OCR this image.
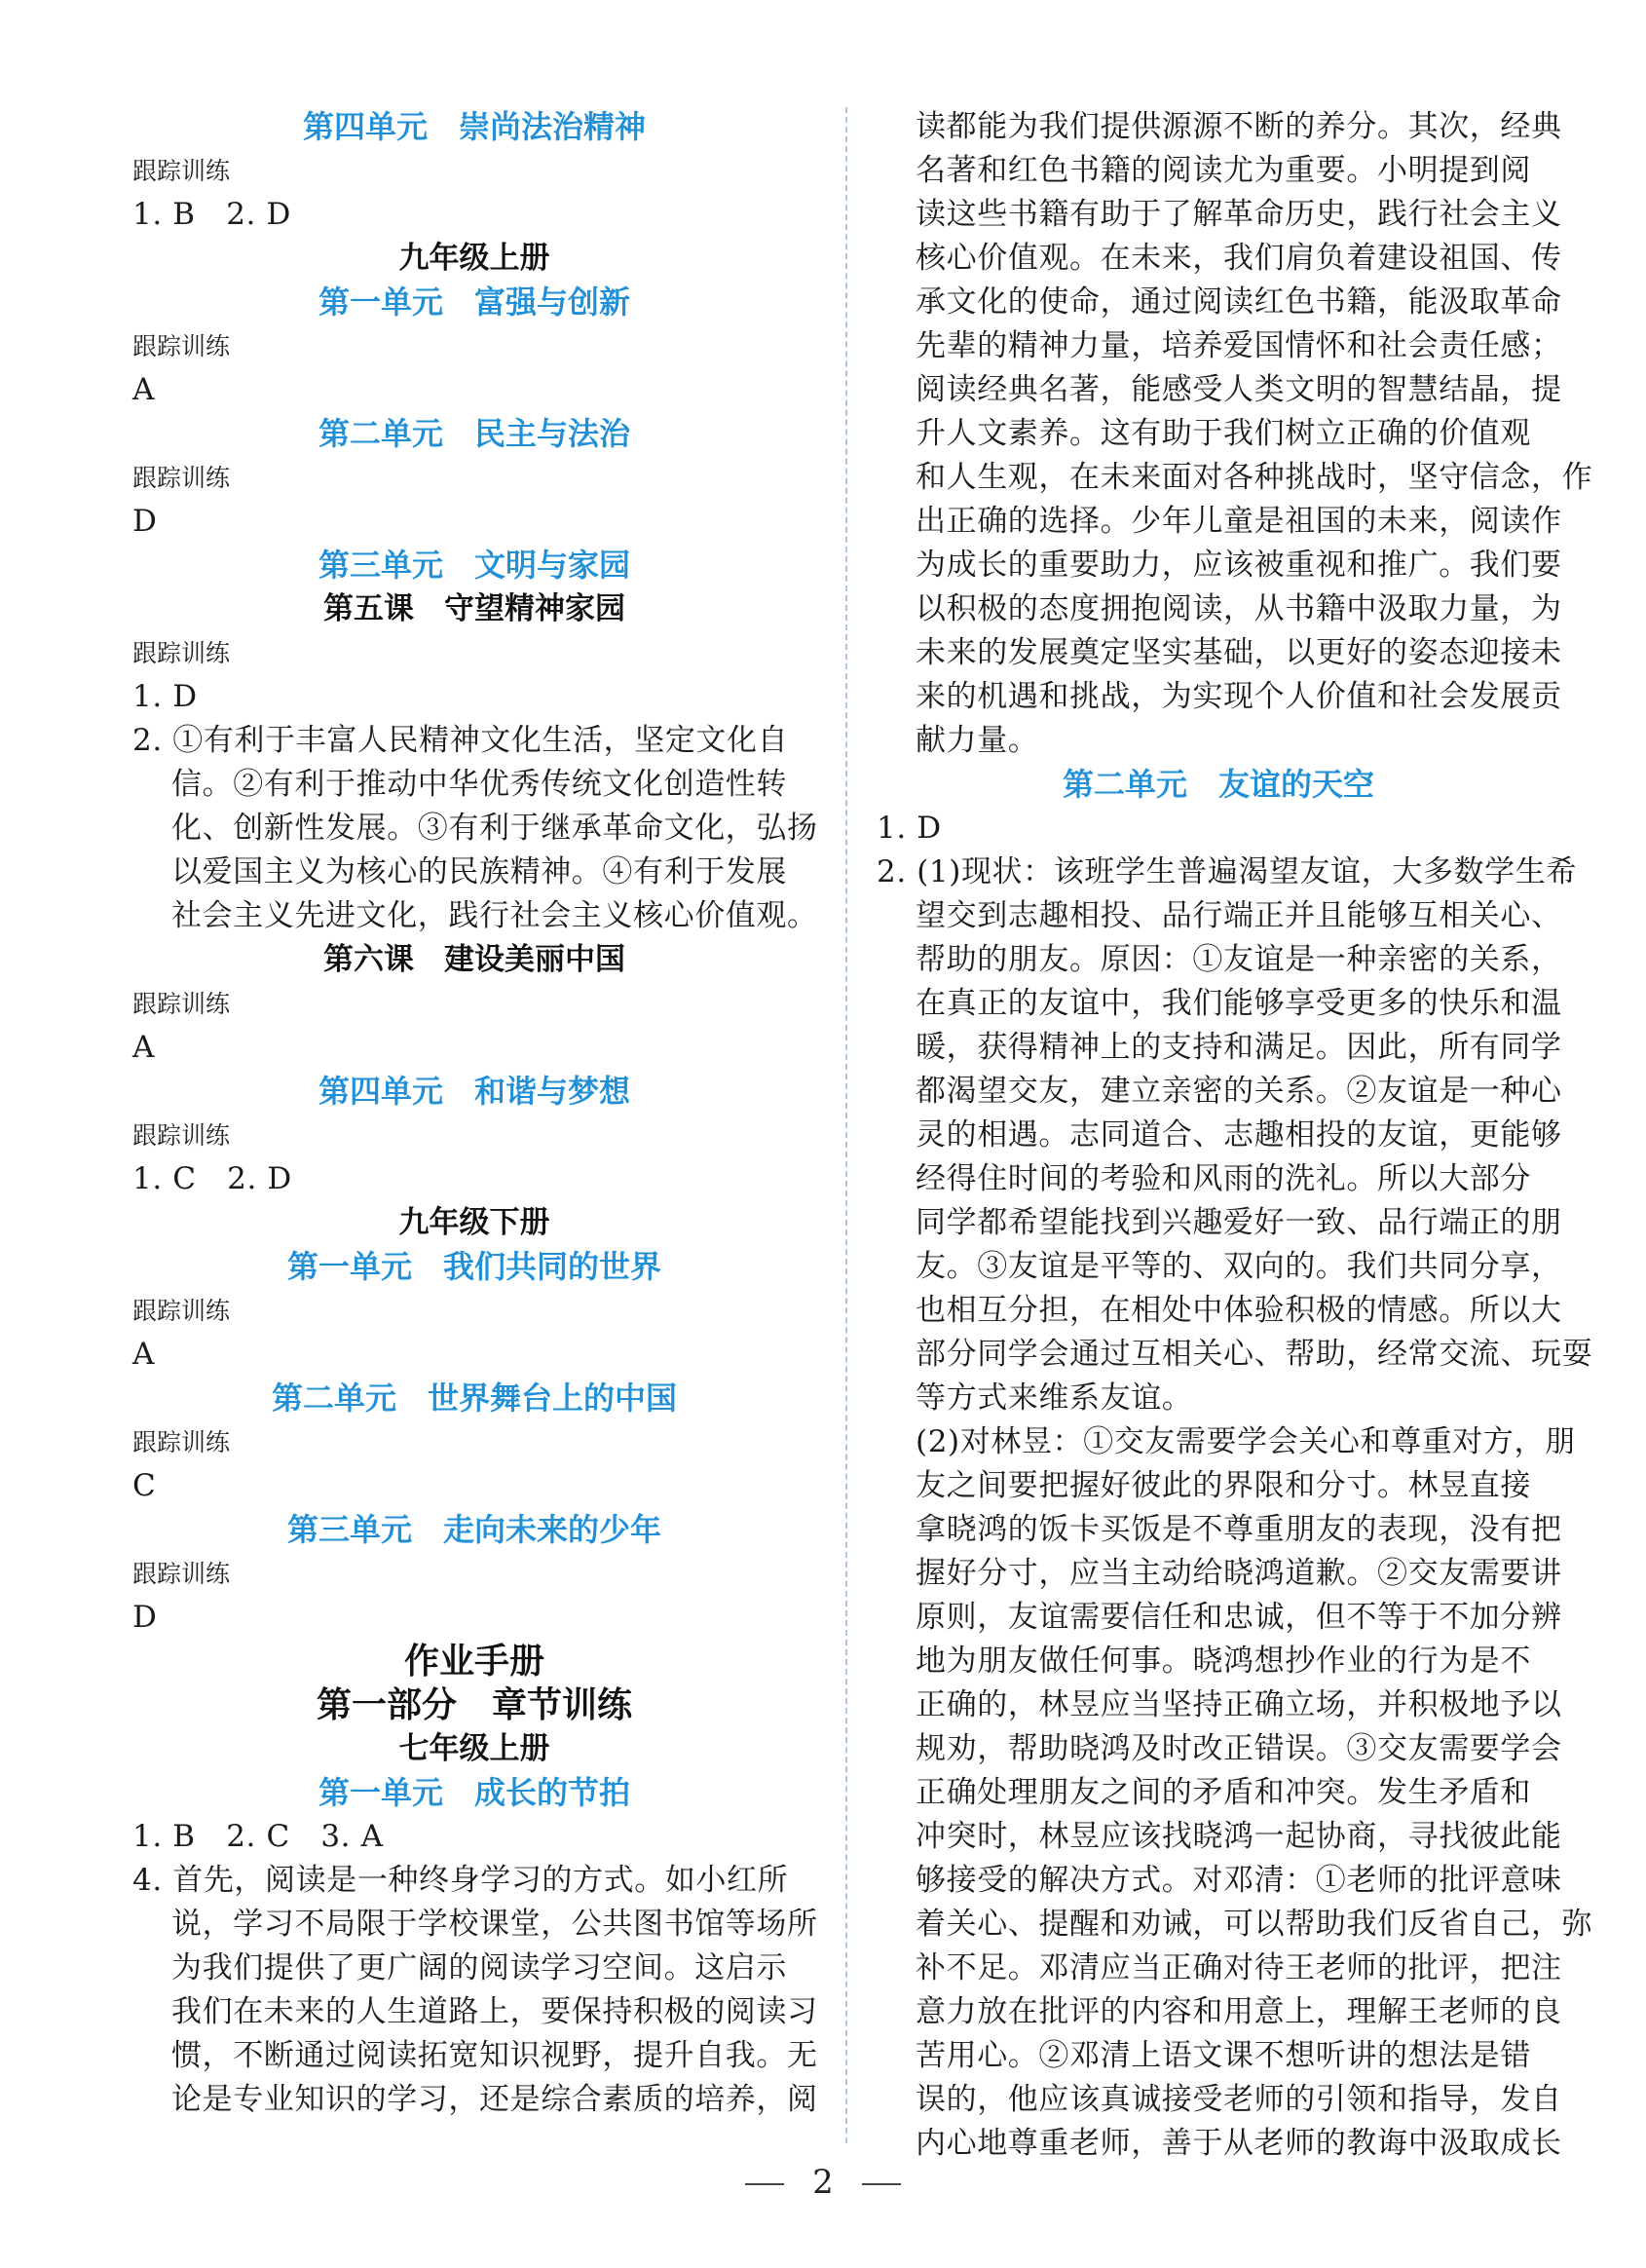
第四单元　崇尚法治精神
跟踪训练
1. B　2. D
九年级上册
第一单元　富强与创新
跟踪训练
A
第二单元　民主与法治
跟踪训练
D
第三单元　文明与家园
第五课　守望精神家园
跟踪训练
1. D
2. ①有利于丰富人民精神文化生活，坚定文化自
信。②有利于推动中华优秀传统文化创造性转
化、创新性发展。③有利于继承革命文化，弘扬
以爱国主义为核心的民族精神。④有利于发展
社会主义先进文化，践行社会主义核心价值观。
第六课　建设美丽中国
跟踪训练
A
第四单元　和谐与梦想
跟踪训练
1. C　2. D
九年级下册
第一单元　我们共同的世界
跟踪训练
A
第二单元　世界舞台上的中国
跟踪训练
C
第三单元　走向未来的少年
跟踪训练
D
作业手册
第一部分　章节训练
七年级上册
第一单元　成长的节拍
1. B　2. C　3. A
4. 首先，阅读是一种终身学习的方式。如小红所
说，学习不局限于学校课堂，公共图书馆等场所
为我们提供了更广阔的阅读学习空间。这启示
我们在未来的人生道路上，要保持积极的阅读习
惯，不断通过阅读拓宽知识视野，提升自我。无
论是专业知识的学习，还是综合素质的培养，阅
读都能为我们提供源源不断的养分。其次，经典
名著和红色书籍的阅读尤为重要。小明提到阅
读这些书籍有助于了解革命历史，践行社会主义
核心价值观。在未来，我们肩负着建设祖国、传
承文化的使命，通过阅读红色书籍，能汲取革命
先辈的精神力量，培养爱国情怀和社会责任感；
阅读经典名著，能感受人类文明的智慧结晶，提
升人文素养。这有助于我们树立正确的价值观
和人生观，在未来面对各种挑战时，坚守信念，作
出正确的选择。少年儿童是祖国的未来，阅读作
为成长的重要助力，应该被重视和推广。我们要
以积极的态度拥抱阅读，从书籍中汲取力量，为
未来的发展奠定坚实基础，以更好的姿态迎接未
来的机遇和挑战，为实现个人价值和社会发展贡
献力量。
第二单元　友谊的天空
1. D
2. (1)现状：该班学生普遍渴望友谊，大多数学生希
望交到志趣相投、品行端正并且能够互相关心、
帮助的朋友。原因：①友谊是一种亲密的关系，
在真正的友谊中，我们能够享受更多的快乐和温
暖，获得精神上的支持和满足。因此，所有同学
都渴望交友，建立亲密的关系。②友谊是一种心
灵的相遇。志同道合、志趣相投的友谊，更能够
经得住时间的考验和风雨的洗礼。所以大部分
同学都希望能找到兴趣爱好一致、品行端正的朋
友。③友谊是平等的、双向的。我们共同分享，
也相互分担，在相处中体验积极的情感。所以大
部分同学会通过互相关心、帮助，经常交流、玩耍
等方式来维系友谊。
(2)对林昱：①交友需要学会关心和尊重对方，朋
友之间要把握好彼此的界限和分寸。林昱直接
拿晓鸿的饭卡买饭是不尊重朋友的表现，没有把
握好分寸，应当主动给晓鸿道歉。②交友需要讲
原则，友谊需要信任和忠诚，但不等于不加分辨
地为朋友做任何事。晓鸿想抄作业的行为是不
正确的，林昱应当坚持正确立场，并积极地予以
规劝，帮助晓鸿及时改正错误。③交友需要学会
正确处理朋友之间的矛盾和冲突。发生矛盾和
冲突时，林昱应该找晓鸿一起协商，寻找彼此能
够接受的解决方式。对邓清：①老师的批评意味
着关心、提醒和劝诫，可以帮助我们反省自己，弥
补不足。邓清应当正确对待王老师的批评，把注
意力放在批评的内容和用意上，理解王老师的良
苦用心。②邓清上语文课不想听讲的想法是错
误的，他应该真诚接受老师的引领和指导，发自
内心地尊重老师，善于从老师的教诲中汲取成长
2
